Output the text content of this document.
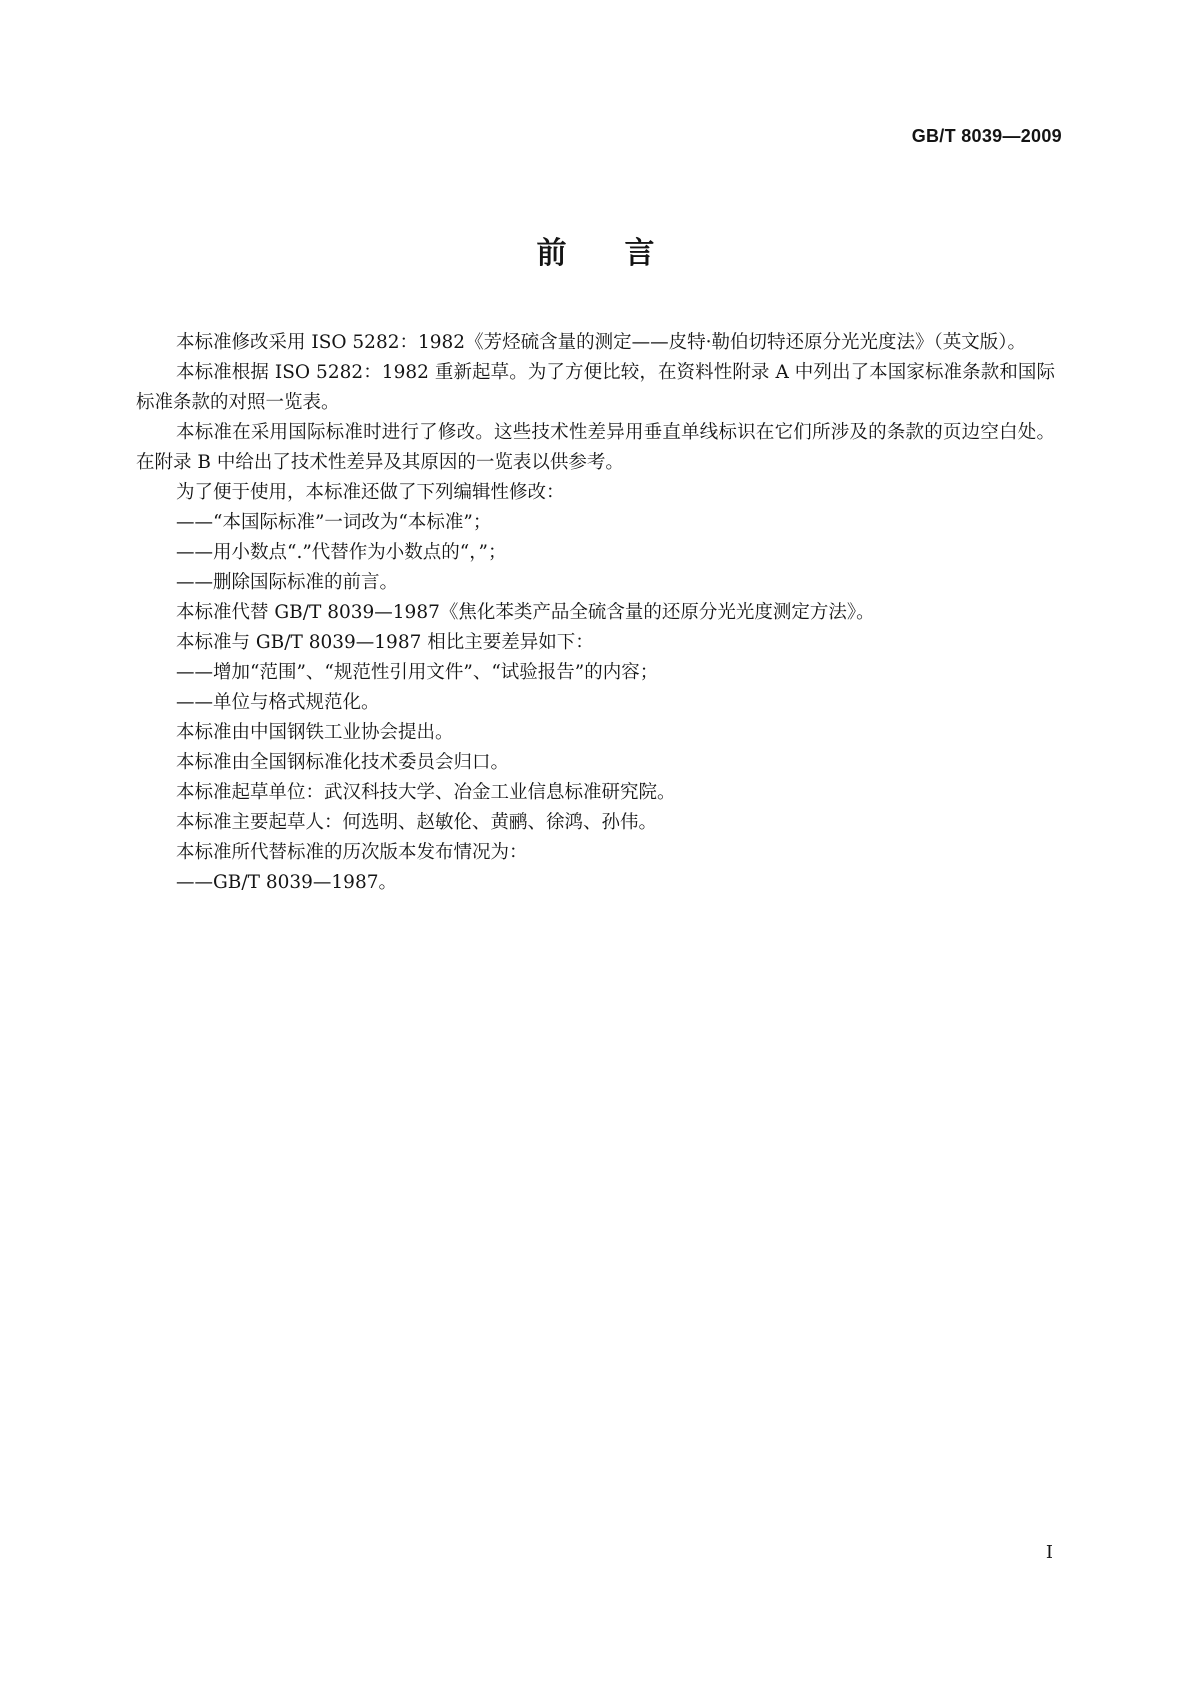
GB/T 8039—2009
前言

本标准修改采用 ISO 5282：1982《芳烃硫含量的测定——皮特·勒伯切特还原分光光度法》（英文版）。

本标准根据 ISO 5282：1982 重新起草。为了方便比较，在资料性附录 A 中列出了本国家标准条款和国际标准条款的对照一览表。

本标准在采用国际标准时进行了修改。这些技术性差异用垂直单线标识在它们所涉及的条款的页边空白处。在附录 B 中给出了技术性差异及其原因的一览表以供参考。

为了便于使用，本标准还做了下列编辑性修改：

——“本国际标准”一词改为“本标准”；

——用小数点“.”代替作为小数点的“，”；

——删除国际标准的前言。

本标准代替 GB/T 8039—1987《焦化苯类产品全硫含量的还原分光光度测定方法》。

本标准与 GB/T 8039—1987 相比主要差异如下：

——增加“范围”、“规范性引用文件”、“试验报告”的内容；

——单位与格式规范化。

本标准由中国钢铁工业协会提出。

本标准由全国钢标准化技术委员会归口。

本标准起草单位：武汉科技大学、冶金工业信息标准研究院。

本标准主要起草人：何选明、赵敏伦、黄鹂、徐鸿、孙伟。

本标准所代替标准的历次版本发布情况为：

——GB/T 8039—1987。

I
